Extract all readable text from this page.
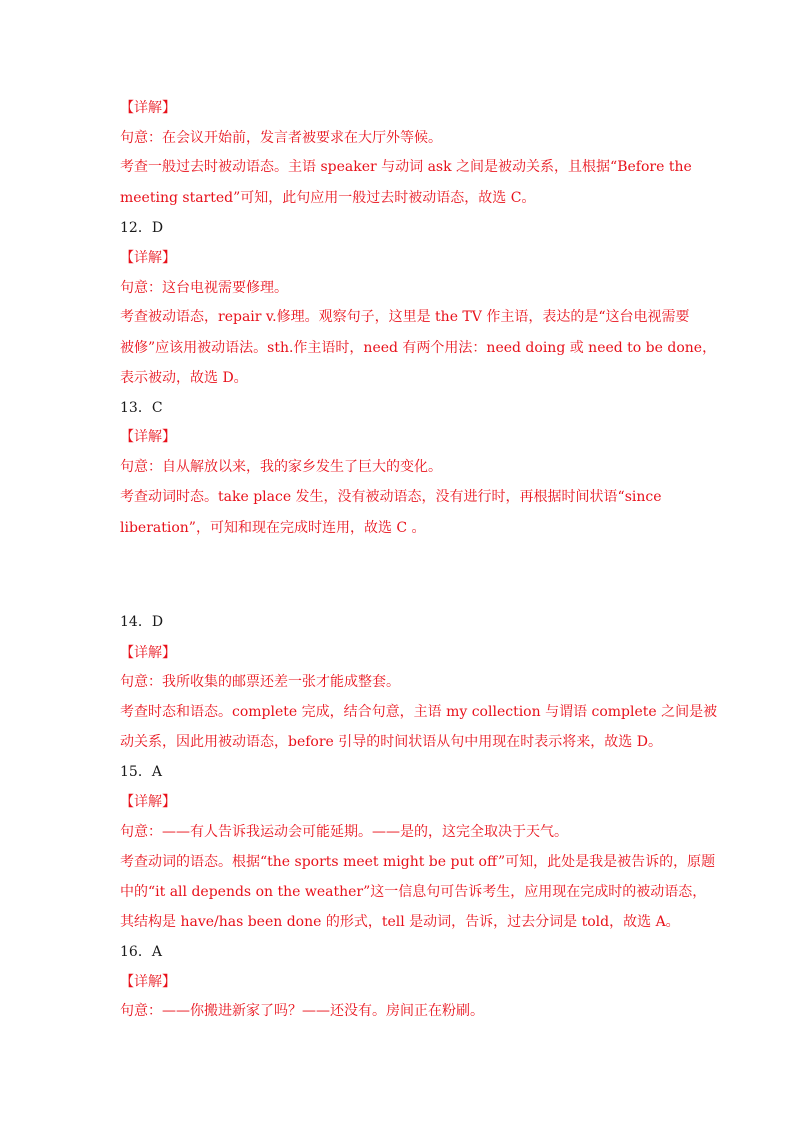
【详解】
句意：在会议开始前，发言者被要求在大厅外等候。
考查一般过去时被动语态。主语 speaker 与动词 ask 之间是被动关系，且根据“Before the
meeting started”可知，此句应用一般过去时被动语态，故选 C。
12．D
【详解】
句意：这台电视需要修理。
考查被动语态，repair v.修理。观察句子，这里是 the TV 作主语，表达的是“这台电视需要
被修”应该用被动语法。sth.作主语时，need 有两个用法：need doing 或 need to be done，
表示被动，故选 D。
13．C
【详解】
句意：自从解放以来，我的家乡发生了巨大的变化。
考查动词时态。take place 发生，没有被动语态，没有进行时，再根据时间状语“since
liberation”，可知和现在完成时连用，故选 C 。
14．D
【详解】
句意：我所收集的邮票还差一张才能成整套。
考查时态和语态。complete 完成，结合句意，主语 my collection 与谓语 complete 之间是被
动关系，因此用被动语态，before 引导的时间状语从句中用现在时表示将来，故选 D。
15．A
【详解】
句意：——有人告诉我运动会可能延期。——是的，这完全取决于天气。
考查动词的语态。根据“the sports meet might be put off”可知，此处是我是被告诉的，原题
中的“it all depends on the weather”这一信息句可告诉考生，应用现在完成时的被动语态，
其结构是 have/has been done 的形式，tell 是动词，告诉，过去分词是 told，故选 A。
16．A
【详解】
句意：——你搬进新家了吗？——还没有。房间正在粉刷。
